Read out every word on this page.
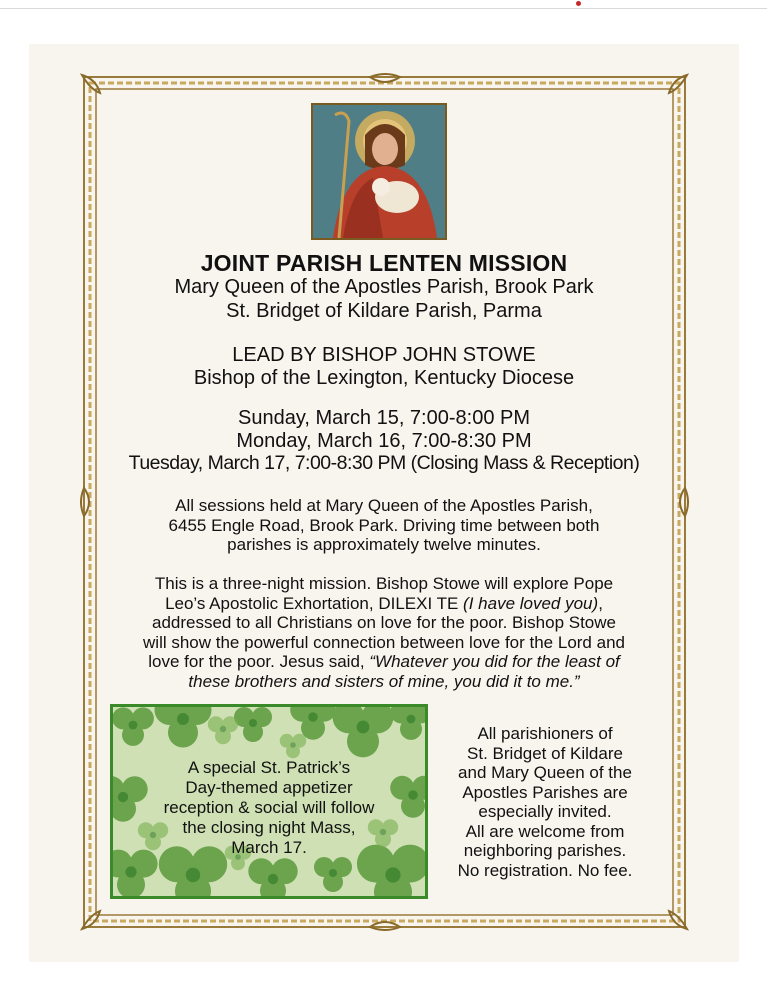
JOINT PARISH LENTEN MISSION
Mary Queen of the Apostles Parish, Brook Park
St. Bridget of Kildare Parish, Parma
LEAD BY BISHOP JOHN STOWE
Bishop of the Lexington, Kentucky Diocese
Sunday, March 15, 7:00-8:00 PM
Monday, March 16, 7:00-8:30 PM
Tuesday, March 17, 7:00-8:30 PM (Closing Mass & Reception)
All sessions held at Mary Queen of the Apostles Parish,
6455 Engle Road, Brook Park. Driving time between both
parishes is approximately twelve minutes.
This is a three-night mission. Bishop Stowe will explore Pope
Leo’s Apostolic Exhortation, DILEXI TE (I have loved you),
addressed to all Christians on love for the poor. Bishop Stowe
will show the powerful connection between love for the Lord and
love for the poor. Jesus said, “Whatever you did for the least of
these brothers and sisters of mine, you did it to me.”
A special St. Patrick’s
Day-themed appetizer
reception & social will follow
the closing night Mass,
March 17.
All parishioners of
St. Bridget of Kildare
and Mary Queen of the
Apostles Parishes are
especially invited.
All are welcome from
neighboring parishes.
No registration. No fee.
